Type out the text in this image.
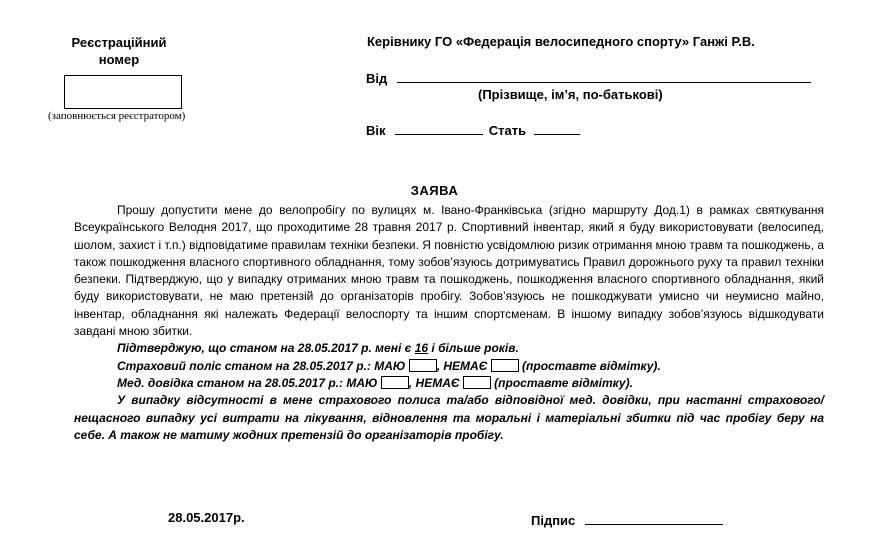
Реєстраційний
номер
(заповнюється реєстратором)
Керівнику ГО «Федерація велосипедного спорту» Ганжі Р.В.
Від
(Прізвище, ім’я, по-батькові)
Вік	Стать
ЗАЯВА

Прошу допустити мене до велопробігу по вулицях м. Івано-Франківська (згідно маршруту Дод.1) в рамках святкування Всеукраїнського Велодня 2017, що проходитиме 28 травня 2017 р. Спортивний інвентар, який я буду використовувати (велосипед, шолом, захист і т.п.) відповідатиме правилам техніки безпеки. Я повністю усвідомлюю ризик отримання мною травм та пошкоджень, а також пошкодження власного спортивного обладнання, тому зобов’язуюсь дотримуватись Правил дорожнього руху та правил техніки безпеки. Підтверджую, що у випадку отриманих мною травм та пошкоджень, пошкодження власного спортивного обладнання, який буду використовувати, не маю претензій до організаторів пробігу. Зобов’язуюсь не пошкоджувати умисно чи неумисно майно, інвентар, обладнання які належать Федерації велоспорту та іншим спортсменам. В іншому випадку зобов’язуюсь відшкодувати завдані мною збитки.

Підтверджую, що станом на 28.05.2017 р. мені є 16 і більше років.
Страховий поліс станом на 28.05.2017 р.: МАЮ	, НЕМАЄ	(проставте відмітку).
Мед. довідка станом на 28.05.2017 р.: МАЮ	, НЕМАЄ	(проставте відмітку).

У випадку відсутності в мене страхового полиса та/або відповідної мед. довідки, при настанні страхового/нещасного випадку усі витрати на лікування, відновлення та моральні і матеріальні збитки під час пробігу беру на себе. А також не матиму жодних претензій до організаторів пробігу.

28.05.2017р.	Підпис
